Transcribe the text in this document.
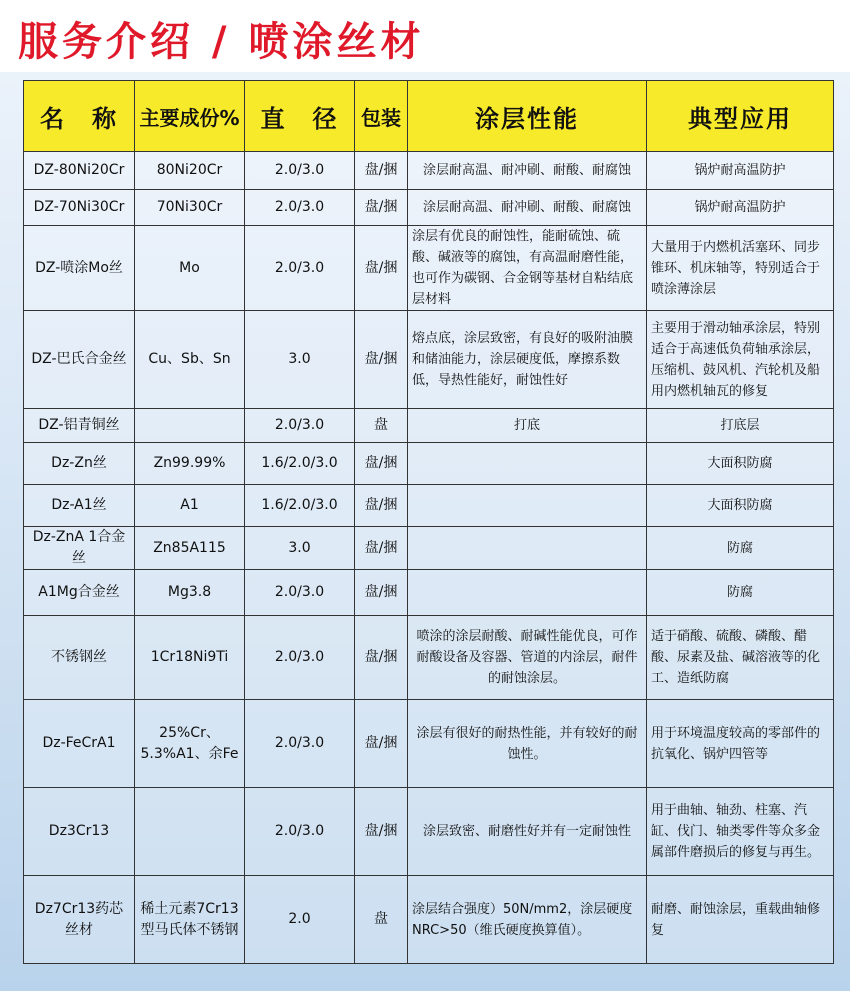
服务介绍 / 喷涂丝材
名　称	主要成份%	直　径	包装	涂层性能	典型应用
DZ-80Ni20Cr	80Ni20Cr	2.0/3.0	盘/捆	涂层耐高温、耐冲刷、耐酸、耐腐蚀	锅炉耐高温防护
DZ-70Ni30Cr	70Ni30Cr	2.0/3.0	盘/捆	涂层耐高温、耐冲刷、耐酸、耐腐蚀	锅炉耐高温防护
DZ-喷涂Mo丝	Mo	2.0/3.0	盘/捆	涂层有优良的耐蚀性，能耐硫蚀、硫酸、碱液等的腐蚀，有高温耐磨性能，也可作为碳钢、合金钢等基材自粘结底层材料	大量用于内燃机活塞环、同步锥环、机床轴等，特别适合于喷涂薄涂层
DZ-巴氏合金丝	Cu、Sb、Sn	3.0	盘/捆	熔点底，涂层致密，有良好的吸附油膜和储油能力，涂层硬度低，摩擦系数低，导热性能好，耐蚀性好	主要用于滑动轴承涂层，特别适合于高速低负荷轴承涂层，压缩机、鼓风机、汽轮机及船用内燃机轴瓦的修复
DZ-铝青铜丝		2.0/3.0	盘	打底	打底层
Dz-Zn丝	Zn99.99%	1.6/2.0/3.0	盘/捆		大面积防腐
Dz-A1丝	A1	1.6/2.0/3.0	盘/捆		大面积防腐
Dz-ZnA 1合金丝	Zn85A115	3.0	盘/捆		防腐
A1Mg合金丝	Mg3.8	2.0/3.0	盘/捆		防腐
不锈钢丝	1Cr18Ni9Ti	2.0/3.0	盘/捆	喷涂的涂层耐酸、耐碱性能优良，可作耐酸设备及容器、管道的内涂层，耐件的耐蚀涂层。	适于硝酸、硫酸、磷酸、醋酸、尿素及盐、碱溶液等的化工、造纸防腐
Dz-FeCrA1	25%Cr、5.3%A1、余Fe	2.0/3.0	盘/捆	涂层有很好的耐热性能，并有较好的耐蚀性。	用于环境温度较高的零部件的抗氧化、锅炉四管等
Dz3Cr13		2.0/3.0	盘/捆	涂层致密、耐磨性好并有一定耐蚀性	用于曲轴、轴劲、柱塞、汽缸、伐门、轴类零件等众多金属部件磨损后的修复与再生。
Dz7Cr13药芯丝材	稀土元素7Cr13型马氏体不锈钢	2.0	盘	涂层结合强度）50N/mm2，涂层硬度NRC>50（维氏硬度换算值）。	耐磨、耐蚀涂层，重载曲轴修复
